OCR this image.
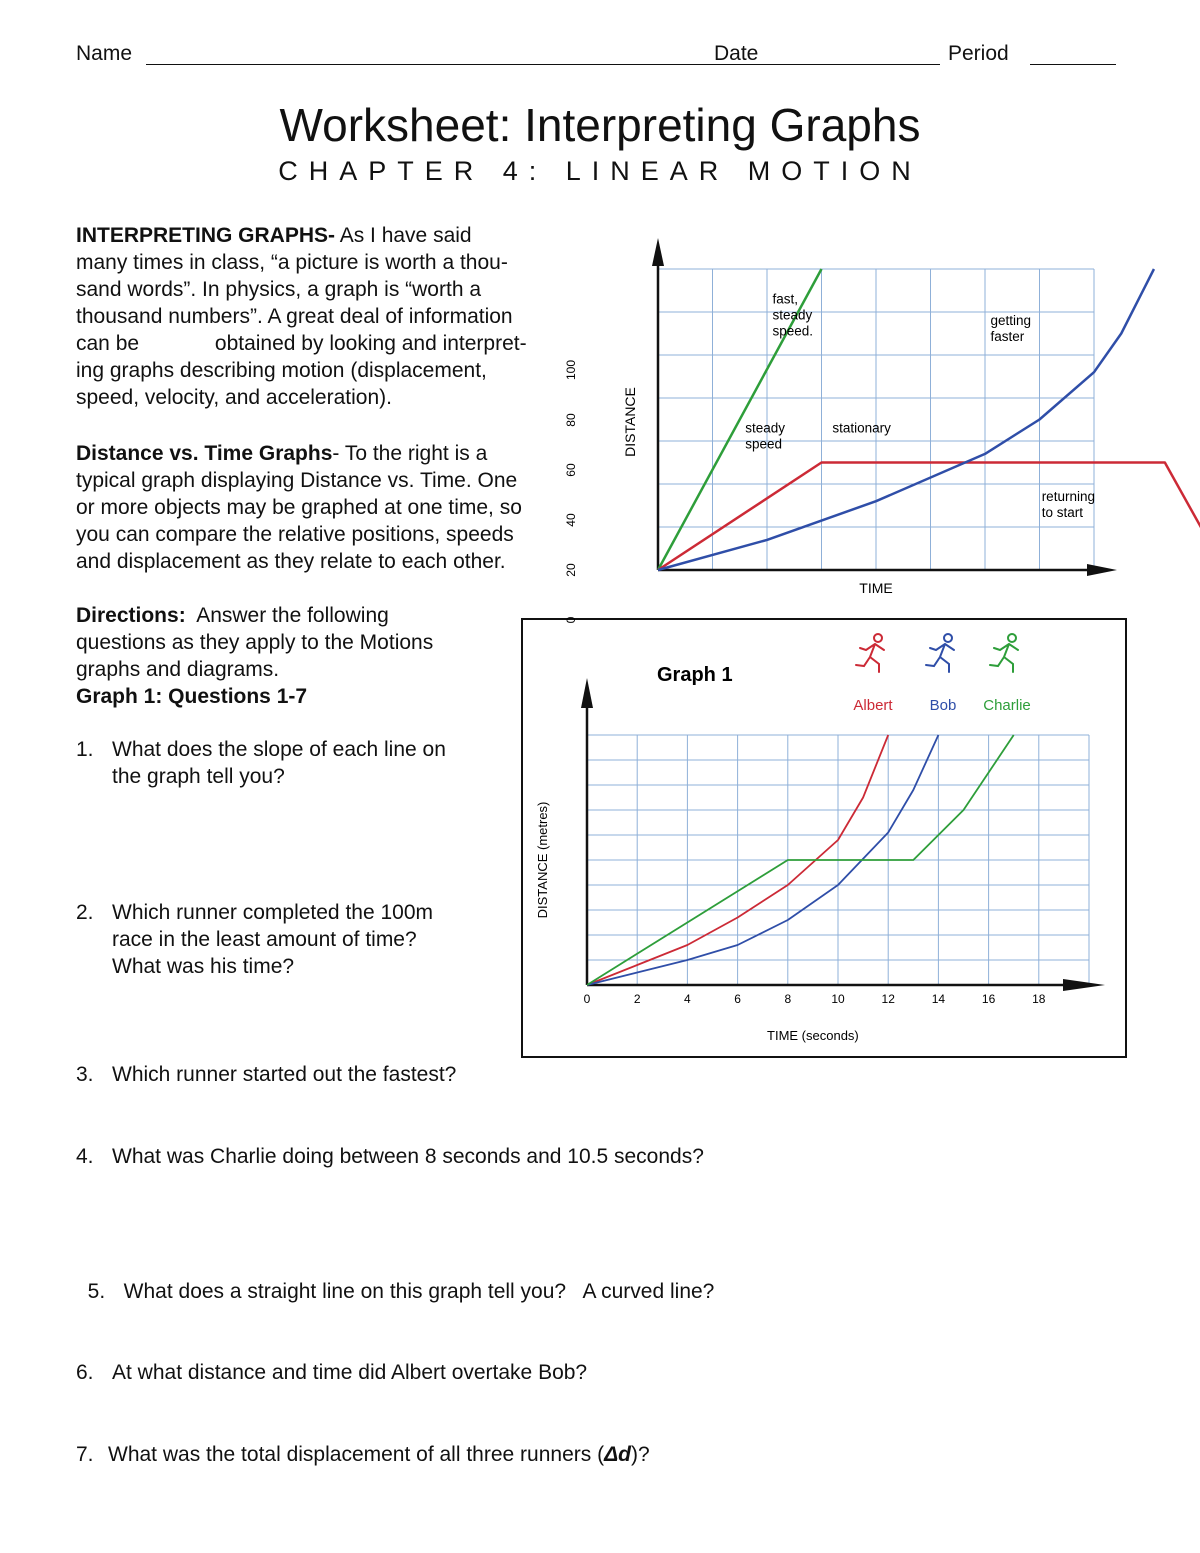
Name	Date	Period
Worksheet: Interpreting Graphs
CHAPTER 4: LINEAR MOTION
INTERPRETING GRAPHS- As I have said
many times in class, “a picture is worth a thou-
sand words”. In physics, a graph is “worth a
thousand numbers”. A great deal of information
can be             obtained by looking and interpret-
ing graphs describing motion (displacement,
speed, velocity, and acceleration).
Distance vs. Time Graphs- To the right is a
typical graph displaying Distance vs. Time. One
or more objects may be graphed at one time, so
you can compare the relative positions, speeds
and displacement as they relate to each other.
Directions:  Answer the following
questions as they apply to the Motions
graphs and diagrams.
Graph 1: Questions 1-7
1. What does the slope of each line on
the graph tell you?
2. Which runner completed the 100m
race in the least amount of time?
What was his time?
3. Which runner started out the fastest?
4. What was Charlie doing between 8 seconds and 10.5 seconds?

5. What does a straight line on this graph tell you?   A curved line?

6. At what distance and time did Albert overtake Bob?
7. What was the total displacement of all three runners (Δd)?
TIME
DISTANCE
fast, steady speed.
getting faster
steady speed
stationary
returning to start
0	2	4	6	8	10	12	14	16	18
0
20
40
60
80
100
TIME (seconds)
DISTANCE (metres)
Graph 1
Albert Bob Charlie
